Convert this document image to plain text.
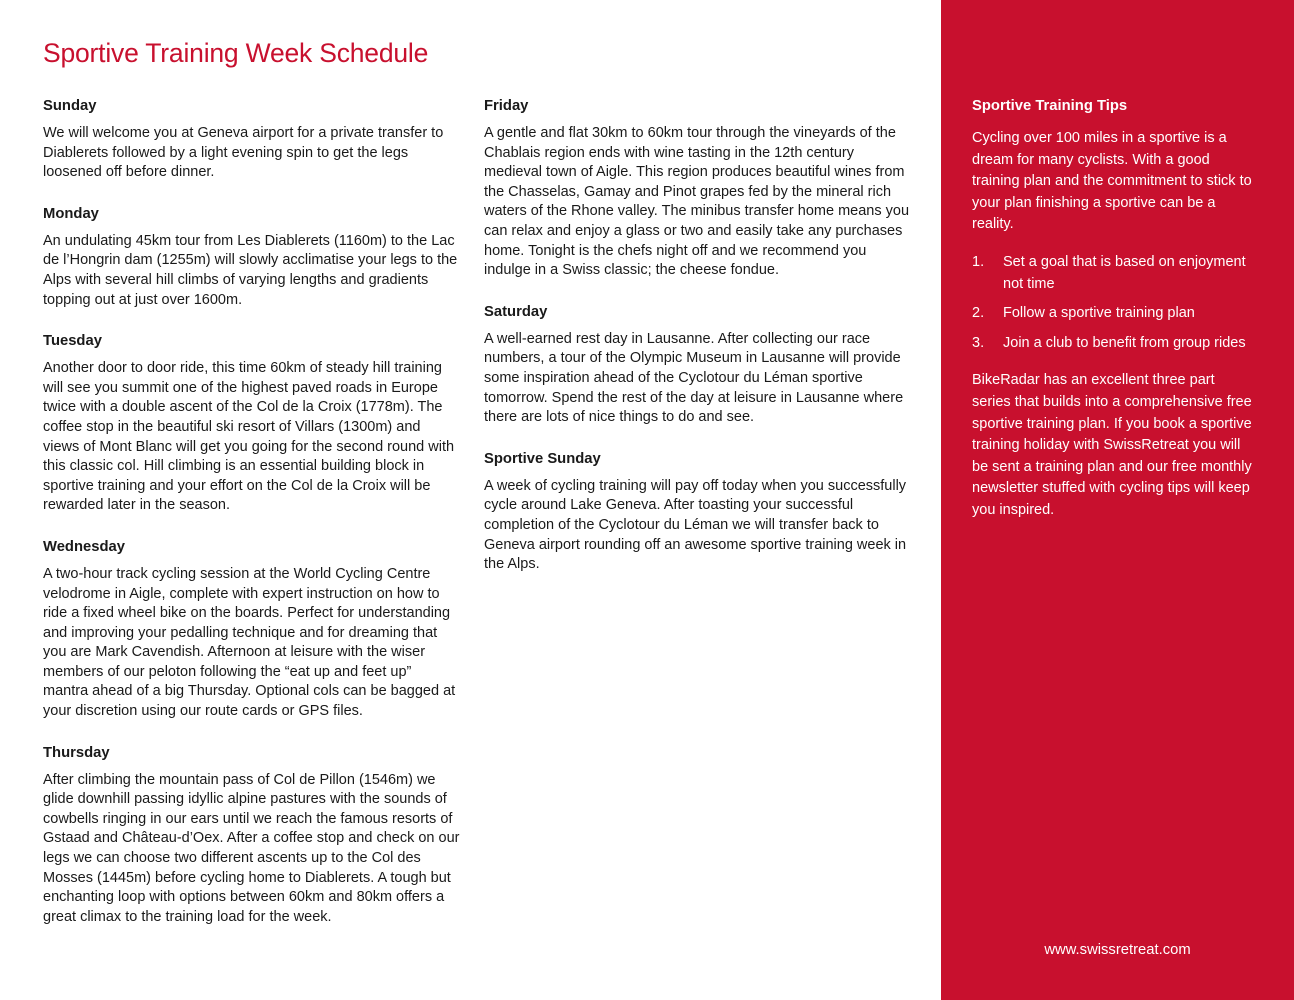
Sportive Training Week Schedule
Sunday

We will welcome you at Geneva airport for a private transfer to Diablerets followed by a light evening spin to get the legs loosened off before dinner.

Monday

An undulating 45km tour from Les Diablerets (1160m) to the Lac de l’Hongrin dam (1255m) will slowly acclimatise your legs to the Alps with several hill climbs of varying lengths and gradients topping out at just over 1600m.

Tuesday

Another door to door ride, this time 60km of steady hill training will see you summit one of the highest paved roads in Europe twice with a double ascent of the Col de la Croix (1778m). The coffee stop in the beautiful ski resort of Villars (1300m) and views of Mont Blanc will get you going for the second round with this classic col. Hill climbing is an essential building block in sportive training and your effort on the Col de la Croix will be rewarded later in the season.

Wednesday

A two-hour track cycling session at the World Cycling Centre velodrome in Aigle, complete with expert instruction on how to ride a fixed wheel bike on the boards. Perfect for understanding and improving your pedalling technique and for dreaming that you are Mark Cavendish. Afternoon at leisure with the wiser members of our peloton following the “eat up and feet up” mantra ahead of a big Thursday. Optional cols can be bagged at your discretion using our route cards or GPS files.

Thursday

After climbing the mountain pass of Col de Pillon (1546m) we glide downhill passing idyllic alpine pastures with the sounds of cowbells ringing in our ears until we reach the famous resorts of Gstaad and Château-d’Oex. After a coffee stop and check on our legs we can choose two different ascents up to the Col des Mosses (1445m) before cycling home to Diablerets. A tough but enchanting loop with options between 60km and 80km offers a great climax to the training load for the week.

Friday

A gentle and flat 30km to 60km tour through the vineyards of the Chablais region ends with wine tasting in the 12th century medieval town of Aigle. This region produces beautiful wines from the Chasselas, Gamay and Pinot grapes fed by the mineral rich waters of the Rhone valley. The minibus transfer home means you can relax and enjoy a glass or two and easily take any purchases home. Tonight is the chefs night off and we recommend you indulge in a Swiss classic; the cheese fondue.

Saturday

A well-earned rest day in Lausanne. After collecting our race numbers, a tour of the Olympic Museum in Lausanne will provide some inspiration ahead of the Cyclotour du Léman sportive tomorrow. Spend the rest of the day at leisure in Lausanne where there are lots of nice things to do and see.

Sportive Sunday

A week of cycling training will pay off today when you successfully cycle around Lake Geneva. After toasting your successful completion of the Cyclotour du Léman we will transfer back to Geneva airport rounding off an awesome sportive training week in the Alps.

Sportive Training Tips

Cycling over 100 miles in a sportive is a dream for many cyclists. With a good training plan and the commitment to stick to your plan finishing a sportive can be a reality.

1.	Set a goal that is based on enjoyment not time
2.	Follow a sportive training plan
3.	Join a club to benefit from group rides

BikeRadar has an excellent three part series that builds into a comprehensive free sportive training plan. If you book a sportive training holiday with SwissRetreat you will be sent a training plan and our free monthly newsletter stuffed with cycling tips will keep you inspired.

www.swissretreat.com
